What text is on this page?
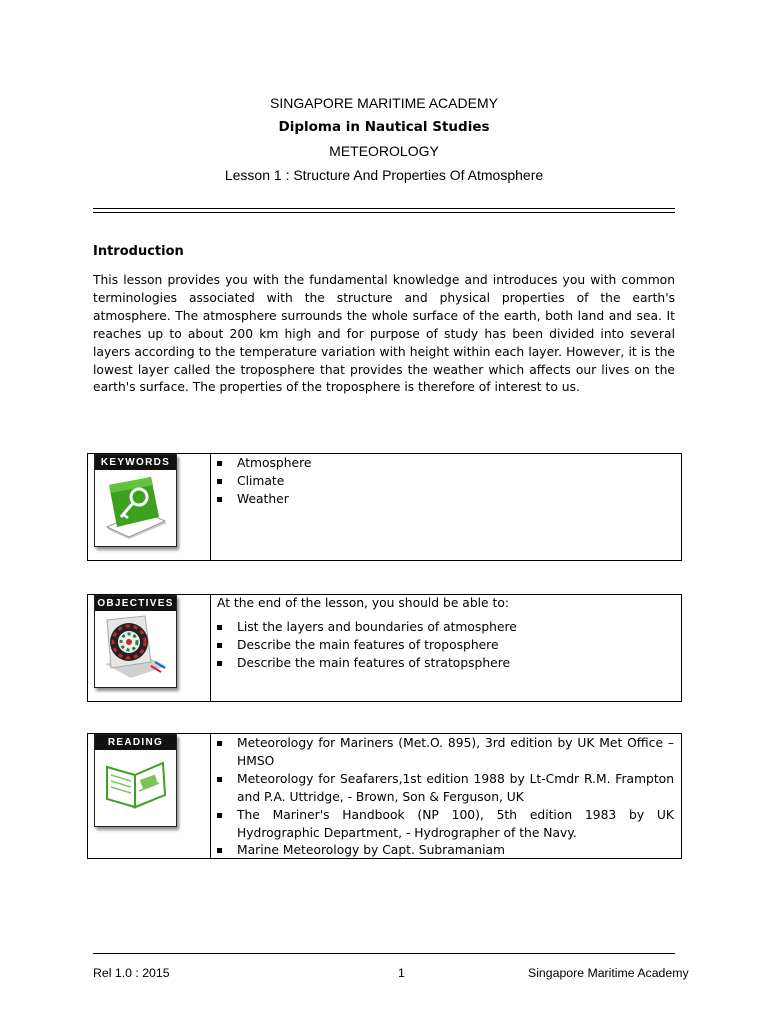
SINGAPORE MARITIME ACADEMY
Diploma in Nautical Studies
METEOROLOGY
Lesson 1 : Structure And Properties Of Atmosphere
Introduction

This lesson provides you with the fundamental knowledge and introduces you with common terminologies associated with the structure and physical properties of the earth's atmosphere. The atmosphere surrounds the whole surface of the earth, both land and sea. It reaches up to about 200 km high and for purpose of study has been divided into several layers according to the temperature variation with height within each layer. However, it is the lowest layer called the troposphere that provides the weather which affects our lives on the earth's surface. The properties of the troposphere is therefore of interest to us.

KEYWORDS	Atmosphere
Climate
Weather
OBJECTIVES	At the end of the lesson, you should be able to:
List the layers and boundaries of atmosphere
Describe the main features of troposphere
Describe the main features of stratopsphere
READING	Meteorology for Mariners (Met.O. 895), 3rd edition by UK Met Office – HMSO
Meteorology for Seafarers,1st edition 1988 by Lt-Cmdr R.M. Frampton and P.A. Uttridge, - Brown, Son & Ferguson, UK
The Mariner's Handbook (NP 100), 5th edition 1983 by UK Hydrographic Department, - Hydrographer of the Navy.
Marine Meteorology by Capt. Subramaniam
Rel 1.0 : 2015	1	Singapore Maritime Academy
